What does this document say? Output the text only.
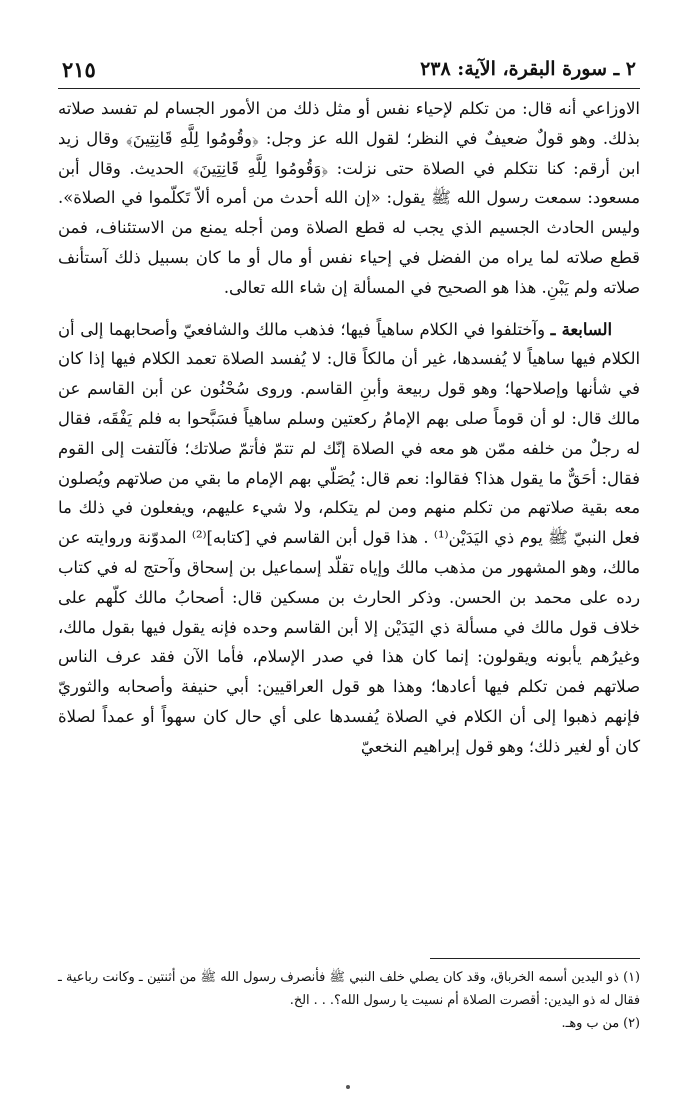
٢ ـ سورة البقرة، الآية: ٢٣٨
٢١٥

الاوزاعي أنه قال: من تكلم لإحياء نفس أو مثل ذلك من الأمور الجسام لم تفسد صلاته بذلك. وهو قولٌ ضعيفٌ في النظر؛ لقول الله عز وجل: ﴿وقُومُوا لِلَّهِ قَانِتِينَ﴾ وقال زيد ابن أرقم: كنا نتكلم في الصلاة حتى نزلت: ﴿وَقُومُوا لِلَّهِ قَانِتِينَ﴾ الحديث. وقال أبن مسعود: سمعت رسول الله ﷺ يقول: «إن الله أحدث من أمره ألاّ تَكلّموا في الصلاة». وليس الحادث الجسيم الذي يجب له قطع الصلاة ومن أجله يمنع من الاستئناف، فمن قطع صلاته لما يراه من الفضل في إحياء نفس أو مال أو ما كان بسبيل ذلك آستأنف صلاته ولم يَبْنِ. هذا هو الصحيح في المسألة إن شاء الله تعالى.

السابعة ـ وآختلفوا في الكلام ساهياً فيها؛ فذهب مالك والشافعيّ وأصحابهما إلى أن الكلام فيها ساهياً لا يُفسدها، غير أن مالكاً قال: لا يُفسد الصلاة تعمد الكلام فيها إذا كان في شأنها وإصلاحها؛ وهو قول ربيعة وأبنِ القاسم. وروى سُحْنُون عن أبن القاسم عن مالك قال: لو أن قوماً صلى بهم الإمامُ ركعتين وسلم ساهياً فسَبَّحوا به فلم يَفْقَه، فقال له رجلٌ من خلفه ممّن هو معه في الصلاة إنّك لم تتمّ فأتمّ صلاتك؛ فآلتفت إلى القوم فقال: أحَقٌّ ما يقول هذا؟ فقالوا: نعم قال: يُصَلّي بهم الإمام ما بقي من صلاتهم ويُصلون معه بقية صلاتهم من تكلم منهم ومن لم يتكلم، ولا شيء عليهم، ويفعلون في ذلك ما فعل النبيّ ﷺ يوم ذي اليَدَيْن⁽¹⁾ . هذا قول أبن القاسم في [كتابه]⁽²⁾ المدوّنة وروايته عن مالك، وهو المشهور من مذهب مالك وإياه تقلّد إسماعيل بن إسحاق وآحتج له في كتاب رده على محمد بن الحسن. وذكر الحارث بن مسكين قال: أصحابُ مالك كلّهم على خلاف قول مالك في مسألة ذي اليَدَيْن إلا أبن القاسم وحده فإنه يقول فيها بقول مالك، وغيرُهم يأبونه ويقولون: إنما كان هذا في صدر الإسلام، فأما الآن فقد عرف الناس صلاتهم فمن تكلم فيها أعادها؛ وهذا هو قول العراقيين: أبي حنيفة وأصحابه والثوريّ فإنهم ذهبوا إلى أن الكلام في الصلاة يُفسدها على أي حال كان سهواً أو عمداً لصلاة كان أو لغير ذلك؛ وهو قول إبراهيم النخعيّ

(١) ذو اليدين أسمه الخرباق، وقد كان يصلي خلف النبي ﷺ فأنصرف رسول الله ﷺ من أثنتين ـ وكانت رباعية ـ فقال له ذو اليدين: أقصرت الصلاة أم نسيت يا رسول الله؟. . . الخ.

(٢) من ب وهـ.
